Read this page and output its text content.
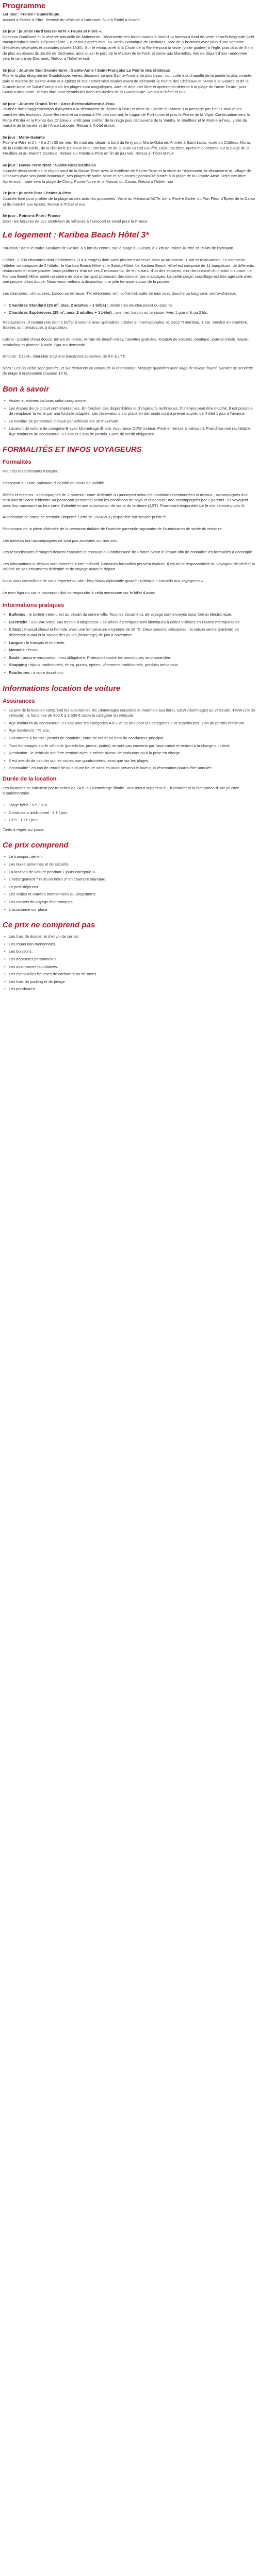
Programme

1er jour : France / Guadeloupe.
Accueil à Pointe-à-Pitre. Remise du véhicule à l'aéroport. Nuit à l'hôtel à Gosier.

2e jour : journée Hard Basse-Terre « Fauna et Flore ».
Direction Bouillante et la réserve naturelle de Malendure. Découverte des fonds marins à bord d'un bateau à fond de verre et arrêt baignade (prêt masque/tuba à bord). Déjeuner libre. En début d'après-midi, au Jardin Botanique de Deshaies, parc de 5 hectares avec plus d'une centaine d'espèces végétales et animales (durée 1h30). Sur le retour, arrêt à la Chute de la Rivière pour la visite (visite guidée) à l'égle, puis plus de 9 km de plus au réseau du Jardin de Deshaies, ainsi qu'un le parc de la Maison de la Forêt et sortie aux Mamelles, lieu de départ d'une randonnée vers le centre de Deshaies. Retour à l'hôtel et nuit.

3e jour : Journée Sud Grande-terre : Sainte-Anne / Saint-François/ La Pointe des châteaux
Pointe la plus éloignée de Guadeloupe, venez découvrir ce que Sainte-Anne a de plus beau : son culte à la chapelle de la pointe la plus vivante, puis le marché de Sainte-Anne aux épices et ses cathédrales locales avant de découvrir la Pointe des Châteaux et l'Anse à la Gourde et de la Grande Anse de Saint-François où les plages sont magnifiques. Arrêt et déjeuner libre et après-midi détente à la plage de l'anse Tarare, puis l'Anse Kahouanne. Temps libre pour déambuler dans les ruelles de la Guadeloupe. Retour à l'hôtel et nuit.

4e jour : Journée Grand-Terre : Anse-Bertrand/Morne-à-l'eau
Journée dans l'agglomération d'Abymes à la découverte du Morne-à-l'eau et visite du Centre du Morne. Un passage par Petit-Canal et les marches des esclaves, Anse-Bertrand et sa marina à l'île peu courant, le Lagon de Port-Louis et puis la Pointe de la Vigie. Continuation vers la Porte d'Enfer et la Pointe des Châteaux, arrêt pour profiter de la plage puis découverte de la Vanille, le Souffleur et le Morne-à-l'eau, visite du marché de la vanille et de l'Anse Laborde, Retour à l'hôtel et nuit.

5e jour : Marie-Galante
Pointe-à-Pitre et 2 h 45 à 2 h 30 de mer. En matinée, départ à bord du ferry pour Marie-Galante. Arrivée à Saint-Louis, visite du Château Murat, de la Distillerie Bielle, de la distillerie Bellevue et du site naturel de Gueule Grand Gouffre. Déjeuner libre. Après-midi détente sur la plage de la Feuillère et au Marché Centrale. Retour sur Pointe-à-Pitre en fin de journée. Retour à l'hôtel et nuit.

6e jour : Basse-Terre Nord : Sainte-Rose/Deshaies
Journée découverte de la région nord de la Basse-Terre avec la distillerie de Sainte-Rose et la visite de l'écomusée, la découverte du village de Deshaies avec son jardin botanique, ses plages de sable blanc et ses anses ; possibilité d'arrêt à la plage de la Grande Anse. Déjeuner libre. Après-midi, route vers la plage de Cluny, Pointe-Noire et la Maison du Cacao. Retour à l'hôtel, nuit.

7e jour : journée libre / Pointe-à-Pitre
Journée libre pour profiter de la plage ou des activités proposées. Visite du Mémorial ACTe, de la Rivière Salée, du Fort Fleur d'Épée, de la Darse et du marché aux épices. Retour à l'hôtel et nuit.

8e jour : Pointe-à-Pitre / France
Selon les horaires de vol, restitution du véhicule à l'aéroport et envol pour la France.

Le logement : Karibea Beach Hôtel 3*

Situation : dans le cadre luxuriant de Gosier, à 5 km du centre, sur le plage du Gosier, à 7 km de Pointe-à-Pitre et 15 km de l'aéroport.

L'hôtel : 2 200 chambres dont 3 bâtiments (3 à 4 étages) doté avec piscine extérieure ainsi qu'un transat, 1 bar et restauration. Le complexe hôtelier se compose de 2 hôtels : le Karibea Beach Hôtel et le Salako Hôtel. Le Karibea Beach Hôtel est composé de 11 bungalows, de différents restaurants et d'une piscine. Vous profiterez d'un de ces 2 restaurants, de leurs bars, d'un des espaces, d'un lieu inspiré d'un jardin luxuriant. Le Karibea Beach Hôtel abrite un centre de soins (un spa) proposant des soins et des massages. La petite plage, coquillage est très agréable avec une piscine d'eau douce. Nous vous mettons à disposition une jolie terrasse autour de la piscine.

Les chambres : climatisées, balcon ou terrasse, TV, téléphone, wifi, coffre-fort, salle de bain avec douche ou baignoire, sèche-cheveux.

• Chambres Standard (25 m², max. 2 adultes + 1 bébé) : Jardin (rez-de-chaussée) ou piscine.
• Chambres Supérieures (25 m², max. 2 adultes + 1 bébé) : vue mer, balcon ou terrasse. Avec 1 grand lit ou 2 lits.

Restauration : 2 restaurants dont 1 buffet à volonté avec spécialités créoles et internationales, le Coco Ti'Bambou, 1 bar. Service en chambre. Soirées ou thématiques à disposition.

Loisirs : piscine d'eau douce, terrain de tennis, terrain de beach volley, navettes gratuites, location de voitures, boutique, journal créole, kayak, snorkeling et planche à voile. Spa sur demande.

Enfants : bassin, mini-club 3-12 ans (vacances scolaires) de 9 h à 17 h.

Nota : Les lits bébé sont gratuits, et sur demande en amont de la réservation. Ménage quotidien avec linge de toilette fourni. Service de serviette de plage à la réception (caution 10 €).

Bon à savoir
• Visites et entrées incluses selon programme.
• Les étapes de ce circuit sont impératives. En fonction des disponibilités et d'impératifs techniques, l'itinéraire peut être modifié. Il est possible de remplacer la visite par une formule adaptée. Les réservations sur place en demande sont à prévoir auprès de l'hôtel 1 jour à l'avance.
• Le nombre de personnes indiqué par véhicule est un maximum.
• Location de voiture de catégorie B avec kilométrage illimité. Assurance CDW incluse. Prise et remise à l'aéroport. Franchise non rachetable. Âge minimum du conducteur : 21 ans et 2 ans de permis. Carte de crédit obligatoire.
FORMALITÉS ET INFOS VOYAGEURS
Formalités

Pour les ressortissants français :

Passeport ou carte nationale d'identité en cours de validité.

Bébés et mineurs : accompagnés de 2 parents : carte d'identité ou passeport selon les conditions mentionnées ci-dessus ; accompagnés d'un seul parent : carte d'identité ou passeport personnel selon les conditions de pays et ci-dessus ; non accompagnés par 2 parents : ils voyagent avec leur passeport ou leur carte d'identité et une autorisation de sortie du territoire (AST). Formulaire disponible sur le site service-public.fr.

Autorisation de sortie de territoire (imprimé Cerfa N° 15646*01) disponible sur service-public.fr.

Photocopie de la pièce d'identité de la personne titulaire de l'autorité parentale signataire de l'autorisation de sortie du territoire.

Les mineurs non accompagnés ne sont pas acceptés sur nos vols.

Les ressortissants étrangers doivent consulter le consulat ou l'ambassade de France avant le départ afin de connaître les formalités à accomplir.

Les informations ci-dessus sont données à titre indicatif. Certaines formalités peuvent évoluer. Il est de la responsabilité du voyageur de vérifier la validité de ses documents d'identité et de voyage avant le départ.

Nous vous conseillons de vous reporter au site : http://www.diplomatie.gouv.fr : rubrique « conseils aux voyageurs ».

Le nom figurant sur le passeport doit correspondre à celui mentionné sur le billet d'avion.

Informations pratiques
• Bulletins : le bulletin retenu est au départ du centre-ville. Tous les documents de voyage sont envoyés sous format électronique.
• Électricité : 220-240 volts, pas besoin d'adaptateur. Les prises électriques sont identiques à celles utilisées en France métropolitaine.
• Climat : tropical chaud et humide, avec une température moyenne de 26 °C. Deux saisons principales : la saison sèche (carême) de décembre à mai et la saison des pluies (hivernage) de juin à novembre.
• Langue : le français et le créole.
• Monnaie : l'euro.
• Santé : aucune vaccination n'est obligatoire. Protection contre les moustiques recommandée.
• Shopping : bijoux traditionnels, rhum, punch, épices, vêtements traditionnels, produits artisanaux.
• Pourboires : à votre discrétion.
Informations location de voiture
Assurances
• Le prix de la location comprend les assurances RC (dommages corporels et matériels aux tiers), CDW (dommages au véhicule), TP/W (vol du véhicule), la franchise de 900 € à 1 500 € selon la catégorie du véhicule.
• Age minimum du conducteur : 21 ans pour les catégories A à E et 25 ans pour les catégories F et supérieures. 1 an de permis minimum.
• Âge maximum : 75 ans.
• Documents à fournir : permis de conduire, carte de crédit au nom du conducteur principal.
• Tous dommages sur le véhicule (pare-brise, pneus, jantes) ne sont pas couverts par l'assurance et restent à la charge du client.
• Restitution : le véhicule doit être restitué avec le même niveau de carburant qu'à la prise en charge.
• Il est interdit de circuler sur les routes non goudronnées, ainsi que sur les plages.
• Ponctualité : en cas de retard de plus d'une heure sans en avoir prévenu le loueur, la réservation pourra être annulée.
Durée de la location

Les locations se calculent par tranches de 24 h, au kilométrage illimité. Tout retard supérieur à 1 h entraînera la facturation d'une journée supplémentaire.

• Siège bébé : 5 € / jour.
• Conducteur additionnel : 5 € / jour.
• GPS : 10 € / jour.

Tarifs à régler sur place.

Ce prix comprend
• Le transport aérien.
• Les taxes aériennes et de sécurité.
• La location de voiture pendant 7 jours catégorie B.
• L'hébergement 7 nuits en hôtel 3* en chambre standard.
• Le petit-déjeuner.
• Les visites et entrées mentionnées au programme.
• Les carnets de voyage électroniques.
• L'assistance sur place.
Ce prix ne comprend pas
• Les frais de dossier et d'envoi de carnet.
• Les repas non mentionnés.
• Les boissons.
• Les dépenses personnelles.
• Les assurances facultatives.
• Les éventuelles hausses de carburant ou de taxes.
• Les frais de parking et de péage.
• Les pourboires.
